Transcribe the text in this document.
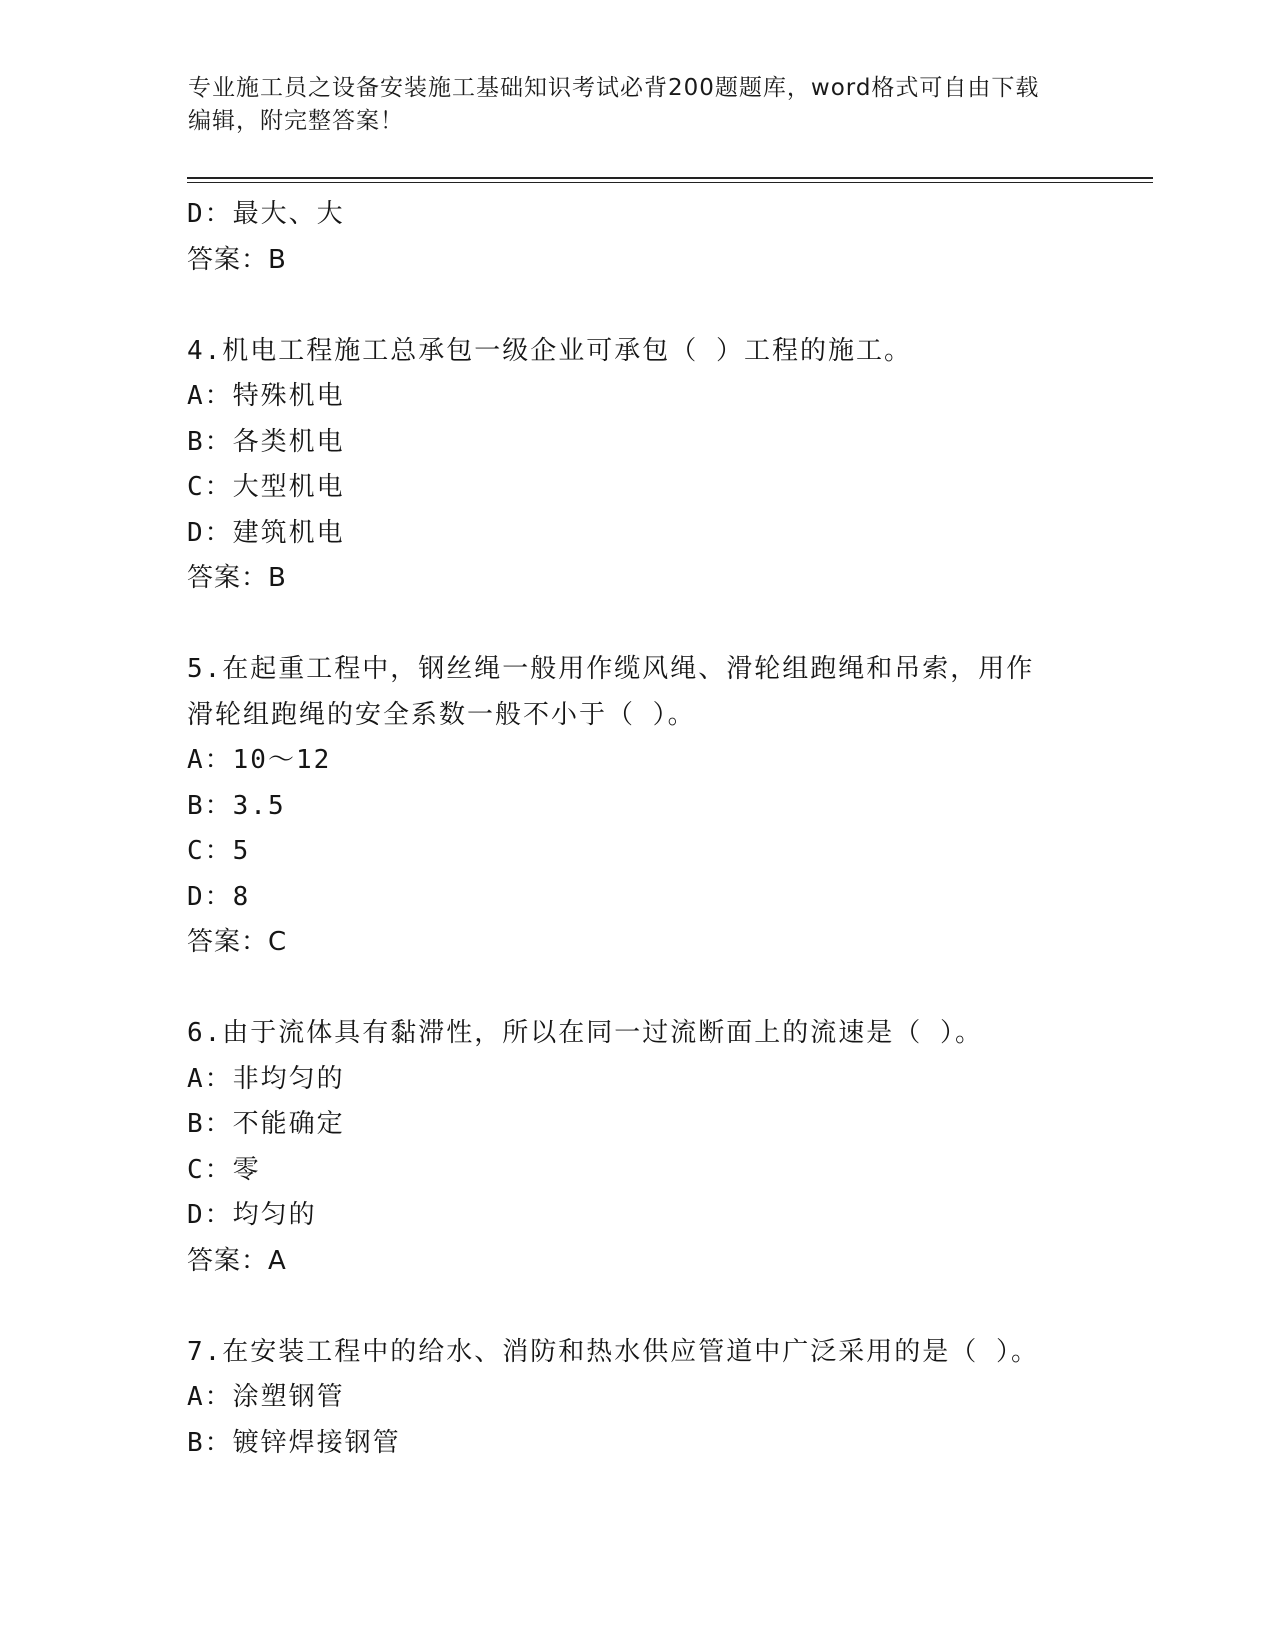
专业施工员之设备安装施工基础知识考试必背200题题库，word格式可自由下载
编辑，附完整答案！
D：最大、大
答案：B
4.机电工程施工总承包一级企业可承包（ ）工程的施工。
A：特殊机电
B：各类机电
C：大型机电
D：建筑机电
答案：B
5.在起重工程中，钢丝绳一般用作缆风绳、滑轮组跑绳和吊索，用作
滑轮组跑绳的安全系数一般不小于（ ）。
A：10～12
B：3.5
C：5
D：8
答案：C
6.由于流体具有黏滞性，所以在同一过流断面上的流速是（ ）。
A：非均匀的
B：不能确定
C：零
D：均匀的
答案：A
7.在安装工程中的给水、消防和热水供应管道中广泛采用的是（ ）。
A：涂塑钢管
B：镀锌焊接钢管
